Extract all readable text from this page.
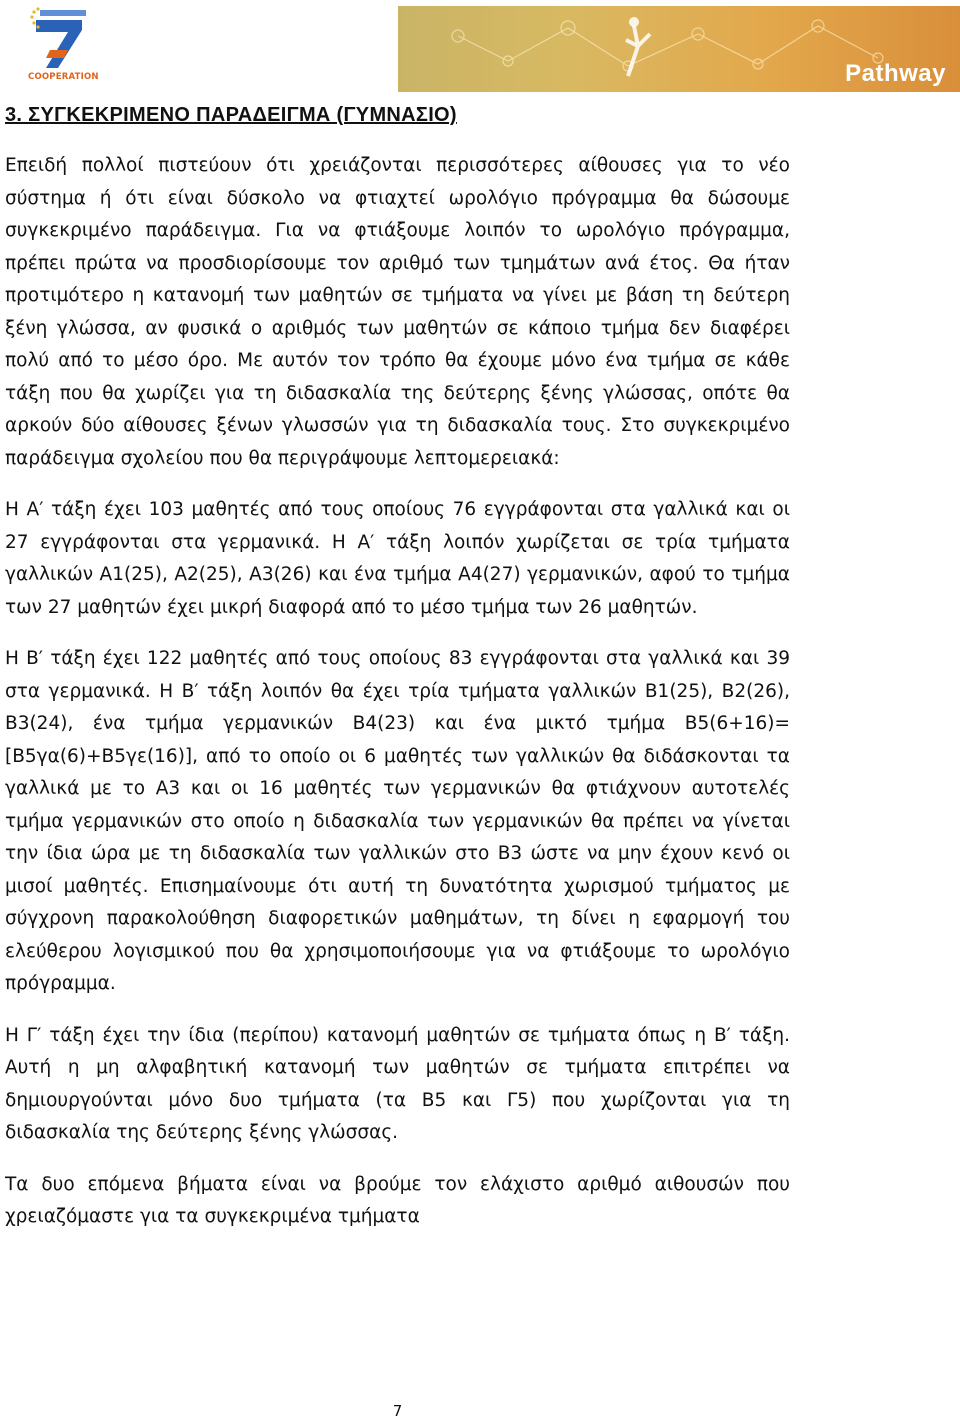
COOPERATION	Pathway
3. ΣΥΓΚΕΚΡΙΜΕΝΟ ΠΑΡΑΔΕΙΓΜΑ (ΓΥΜΝΑΣΙΟ)

Επειδή πολλοί πιστεύουν ότι χρειάζονται περισσότερες αίθουσες για το νέο σύστημα ή ότι είναι δύσκολο να φτιαχτεί ωρολόγιο πρόγραμμα θα δώσουμε συγκεκριμένο παράδειγμα. Για να φτιάξουμε λοιπόν το ωρολόγιο πρόγραμμα, πρέπει πρώτα να προσδιορίσουμε τον αριθμό των τμημάτων ανά έτος. Θα ήταν προτιμότερο η κατανομή των μαθητών σε τμήματα να γίνει με βάση τη δεύτερη ξένη γλώσσα, αν φυσικά ο αριθμός των μαθητών σε κάποιο τμήμα δεν διαφέρει πολύ από το μέσο όρο. Με αυτόν τον τρόπο θα έχουμε μόνο ένα τμήμα σε κάθε τάξη που θα χωρίζει για τη διδασκαλία της δεύτερης ξένης γλώσσας, οπότε θα αρκούν δύο αίθουσες ξένων γλωσσών για τη διδασκαλία τους. Στο συγκεκριμένο παράδειγμα σχολείου που θα περιγράψουμε λεπτομερειακά:

Η Α′ τάξη έχει 103 μαθητές από τους οποίους 76 εγγράφονται στα γαλλικά και οι 27 εγγράφονται στα γερμανικά. Η Α′ τάξη λοιπόν χωρίζεται σε τρία τμήματα γαλλικών Α1(25), Α2(25), Α3(26) και ένα τμήμα Α4(27) γερμανικών, αφού το τμήμα των 27 μαθητών έχει μικρή διαφορά από το μέσο τμήμα των 26 μαθητών.

Η Β′ τάξη έχει 122 μαθητές από τους οποίους 83 εγγράφονται στα γαλλικά και 39 στα γερμανικά. Η Β′ τάξη λοιπόν θα έχει τρία τμήματα γαλλικών Β1(25), Β2(26), Β3(24), ένα τμήμα γερμανικών Β4(23) και ένα μικτό τμήμα Β5(6+16)= [Β5γα(6)+Β5γε(16)], από το οποίο οι 6 μαθητές των γαλλικών θα διδάσκονται τα γαλλικά με το Α3 και οι 16 μαθητές των γερμανικών θα φτιάχνουν αυτοτελές τμήμα γερμανικών στο οποίο η διδασκαλία των γερμανικών θα πρέπει να γίνεται την ίδια ώρα με τη διδασκαλία των γαλλικών στο Β3 ώστε να μην έχουν κενό οι μισοί μαθητές. Επισημαίνουμε ότι αυτή τη δυνατότητα χωρισμού τμήματος με σύγχρονη παρακολούθηση διαφορετικών μαθημάτων, τη δίνει η εφαρμογή του ελεύθερου λογισμικού που θα χρησιμοποιήσουμε για να φτιάξουμε το ωρολόγιο πρόγραμμα.

Η Γ′ τάξη έχει την ίδια (περίπου) κατανομή μαθητών σε τμήματα όπως η Β′ τάξη. Αυτή η μη αλφαβητική κατανομή των μαθητών σε τμήματα επιτρέπει να δημιουργούνται μόνο δυο τμήματα (τα Β5 και Γ5) που χωρίζονται για τη διδασκαλία της δεύτερης ξένης γλώσσας.

Τα δυο επόμενα βήματα είναι να βρούμε τον ελάχιστο αριθμό αιθουσών που χρειαζόμαστε για τα συγκεκριμένα τμήματα

7
